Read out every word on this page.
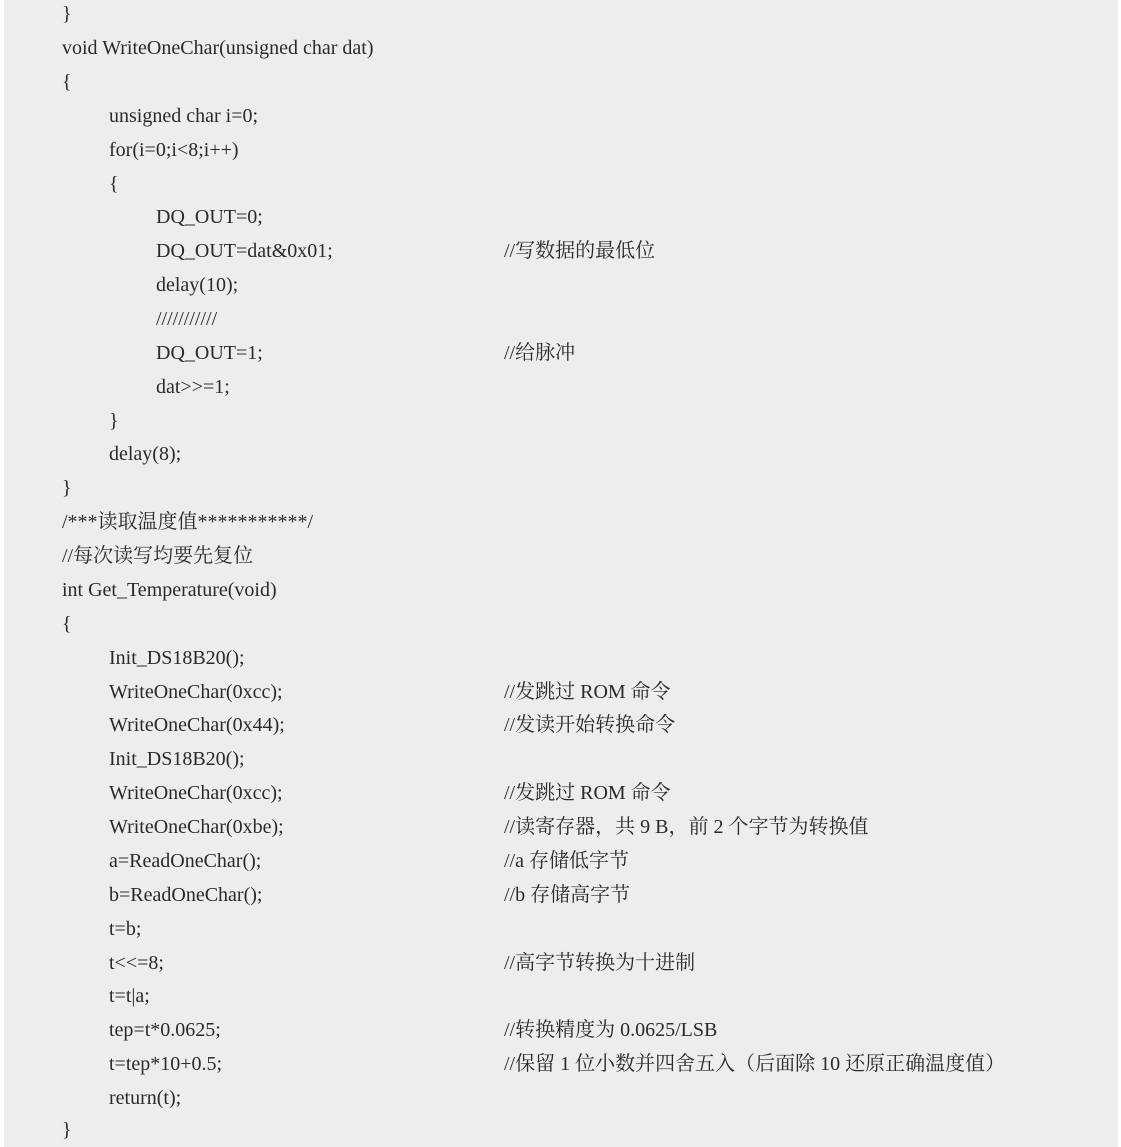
}
void WriteOneChar(unsigned char dat)
{
unsigned char i=0;
for(i=0;i<8;i++)
{
DQ_OUT=0;
DQ_OUT=dat&0x01;	//写数据的最低位
delay(10);
///////////
DQ_OUT=1;	//给脉冲
dat>>=1;
}
delay(8);
}
/***读取温度值***********/
//每次读写均要先复位
int Get_Temperature(void)
{
Init_DS18B20();
WriteOneChar(0xcc);	//发跳过 ROM 命令
WriteOneChar(0x44);	//发读开始转换命令
Init_DS18B20();
WriteOneChar(0xcc);	//发跳过 ROM 命令
WriteOneChar(0xbe);	//读寄存器，共 9 B，前 2 个字节为转换值
a=ReadOneChar();	//a 存储低字节
b=ReadOneChar();	//b 存储高字节
t=b;
t<<=8;	//高字节转换为十进制
t=t|a;
tep=t*0.0625;	//转换精度为 0.0625/LSB
t=tep*10+0.5;	//保留 1 位小数并四舍五入（后面除 10 还原正确温度值）
return(t);
}
